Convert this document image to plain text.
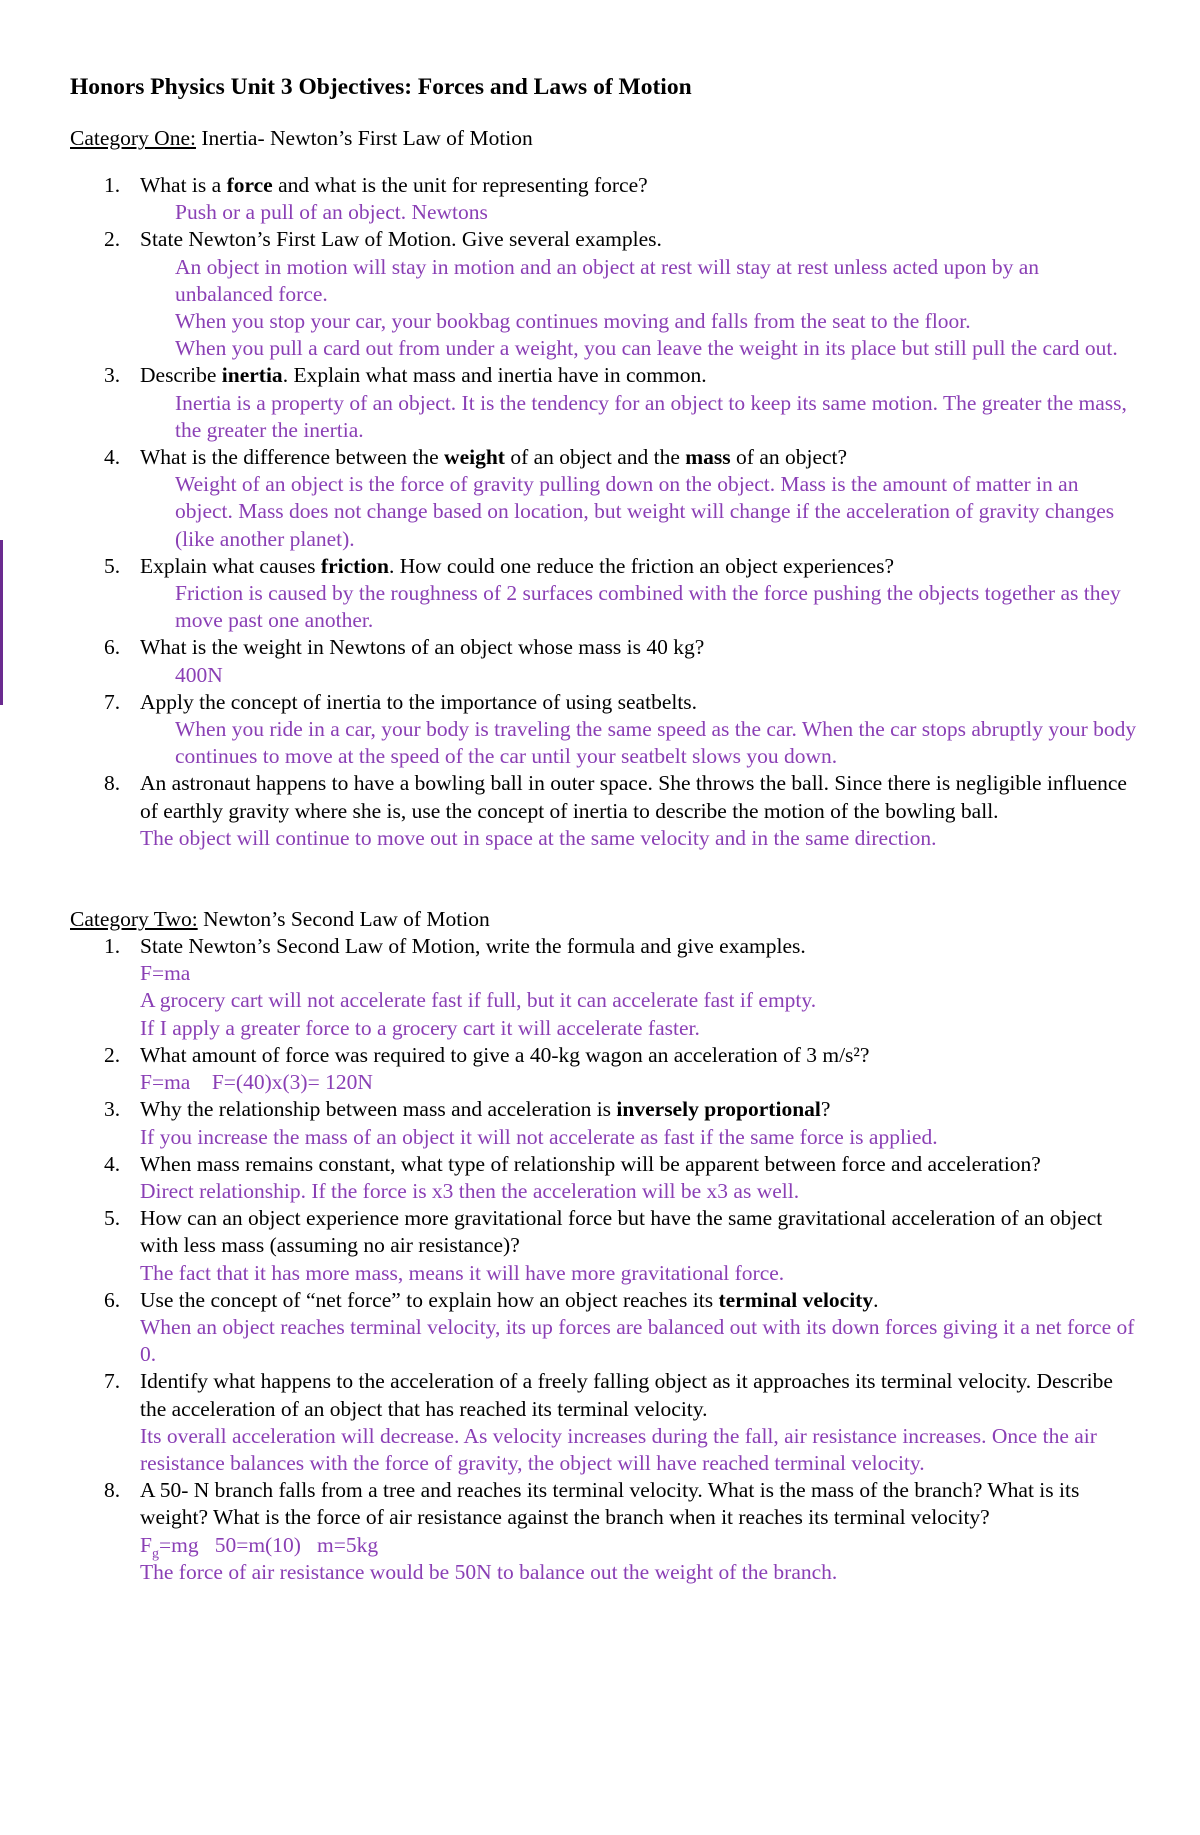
Honors Physics Unit 3 Objectives: Forces and Laws of Motion
Category One: Inertia- Newton’s First Law of Motion
1. What is a force and what is the unit for representing force?
Push or a pull of an object. Newtons
2. State Newton’s First Law of Motion. Give several examples.
An object in motion will stay in motion and an object at rest will stay at rest unless acted upon by an unbalanced force.
When you stop your car, your bookbag continues moving and falls from the seat to the floor.
When you pull a card out from under a weight, you can leave the weight in its place but still pull the card out.
3. Describe inertia. Explain what mass and inertia have in common.
Inertia is a property of an object. It is the tendency for an object to keep its same motion. The greater the mass, the greater the inertia.
4. What is the difference between the weight of an object and the mass of an object?
Weight of an object is the force of gravity pulling down on the object. Mass is the amount of matter in an object. Mass does not change based on location, but weight will change if the acceleration of gravity changes (like another planet).
5. Explain what causes friction. How could one reduce the friction an object experiences?
Friction is caused by the roughness of 2 surfaces combined with the force pushing the objects together as they move past one another.
6. What is the weight in Newtons of an object whose mass is 40 kg?
400N
7. Apply the concept of inertia to the importance of using seatbelts.
When you ride in a car, your body is traveling the same speed as the car. When the car stops abruptly your body continues to move at the speed of the car until your seatbelt slows you down.
8. An astronaut happens to have a bowling ball in outer space. She throws the ball. Since there is negligible influence of earthly gravity where she is, use the concept of inertia to describe the motion of the bowling ball.
The object will continue to move out in space at the same velocity and in the same direction.
Category Two: Newton’s Second Law of Motion
1. State Newton’s Second Law of Motion, write the formula and give examples.
F=ma
A grocery cart will not accelerate fast if full, but it can accelerate fast if empty.
If I apply a greater force to a grocery cart it will accelerate faster.
2. What amount of force was required to give a 40-kg wagon an acceleration of 3 m/s²?
F=ma    F=(40)x(3)= 120N
3. Why the relationship between mass and acceleration is inversely proportional?
If you increase the mass of an object it will not accelerate as fast if the same force is applied.
4. When mass remains constant, what type of relationship will be apparent between force and acceleration?
Direct relationship. If the force is x3 then the acceleration will be x3 as well.
5. How can an object experience more gravitational force but have the same gravitational acceleration of an object with less mass (assuming no air resistance)?
The fact that it has more mass, means it will have more gravitational force.
6. Use the concept of “net force” to explain how an object reaches its terminal velocity.
When an object reaches terminal velocity, its up forces are balanced out with its down forces giving it a net force of 0.
7. Identify what happens to the acceleration of a freely falling object as it approaches its terminal velocity. Describe the acceleration of an object that has reached its terminal velocity.
Its overall acceleration will decrease. As velocity increases during the fall, air resistance increases. Once the air resistance balances with the force of gravity, the object will have reached terminal velocity.
8. A 50- N branch falls from a tree and reaches its terminal velocity. What is the mass of the branch? What is its weight? What is the force of air resistance against the branch when it reaches its terminal velocity?
$F_g=mg$   50=m(10)   m=5kg
The force of air resistance would be 50N to balance out the weight of the branch.
